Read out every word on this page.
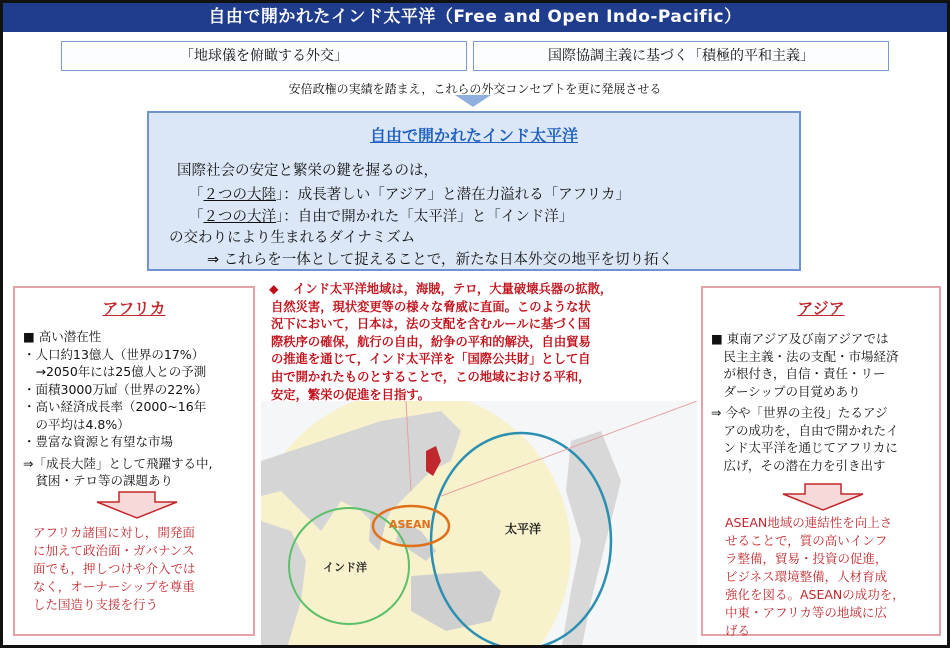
自由で開かれたインド太平洋（Free and Open Indo-Pacific）
「地球儀を俯瞰する外交」	国際協調主義に基づく「積極的平和主義」
安倍政権の実績を踏まえ，これらの外交コンセプトを更に発展させる
自由で開かれたインド太平洋
国際社会の安定と繁栄の鍵を握るのは，
「２つの大陸」：成長著しい「アジア」と潜在力溢れる「アフリカ」
「２つの大洋」：自由で開かれた「太平洋」と「インド洋」
の交わりにより生まれるダイナミズム
⇒ これらを一体として捉えることで，新たな日本外交の地平を切り拓く
アフリカ
■ 高い潜在性
・人口約13億人（世界の17%）
　→2050年には25億人との予測
・面積3000万㎢（世界の22%）
・高い経済成長率（2000~16年
　の平均は4.8%）
・豊富な資源と有望な市場
⇒「成長大陸」として飛躍する中,
　貧困・テロ等の課題あり
アフリカ諸国に対し，開発面
に加えて政治面・ガバナンス
面でも，押しつけや介入では
なく，オーナーシップを尊重
した国造り支援を行う
アジア
■ 東南アジア及び南アジアでは
　民主主義・法の支配・市場経済
　が根付き，自信・責任・リー
　ダーシップの目覚めあり
⇒ 今や「世界の主役」たるアジ
　アの成功を，自由で開かれたイ
　ンド太平洋を通じてアフリカに
　広げ，その潜在力を引き出す
ASEAN地域の連結性を向上さ
せることで，質の高いインフ
ラ整備，貿易・投資の促進，
ビジネス環境整備，人材育成
強化を図る。ASEANの成功を，
中東・アフリカ等の地域に広
げる
インド洋
太平洋
ASEAN
◆	インド太平洋地域は，海賊，テロ，大量破壊兵器の拡散，
自然災害，現状変更等の様々な脅威に直面。このような状
況下において，日本は，法の支配を含むルールに基づく国
際秩序の確保，航行の自由，紛争の平和的解決，自由貿易
の推進を通じて，インド太平洋を「国際公共財」として自
由で開かれたものとすることで，この地域における平和，
安定，繁栄の促進を目指す。
